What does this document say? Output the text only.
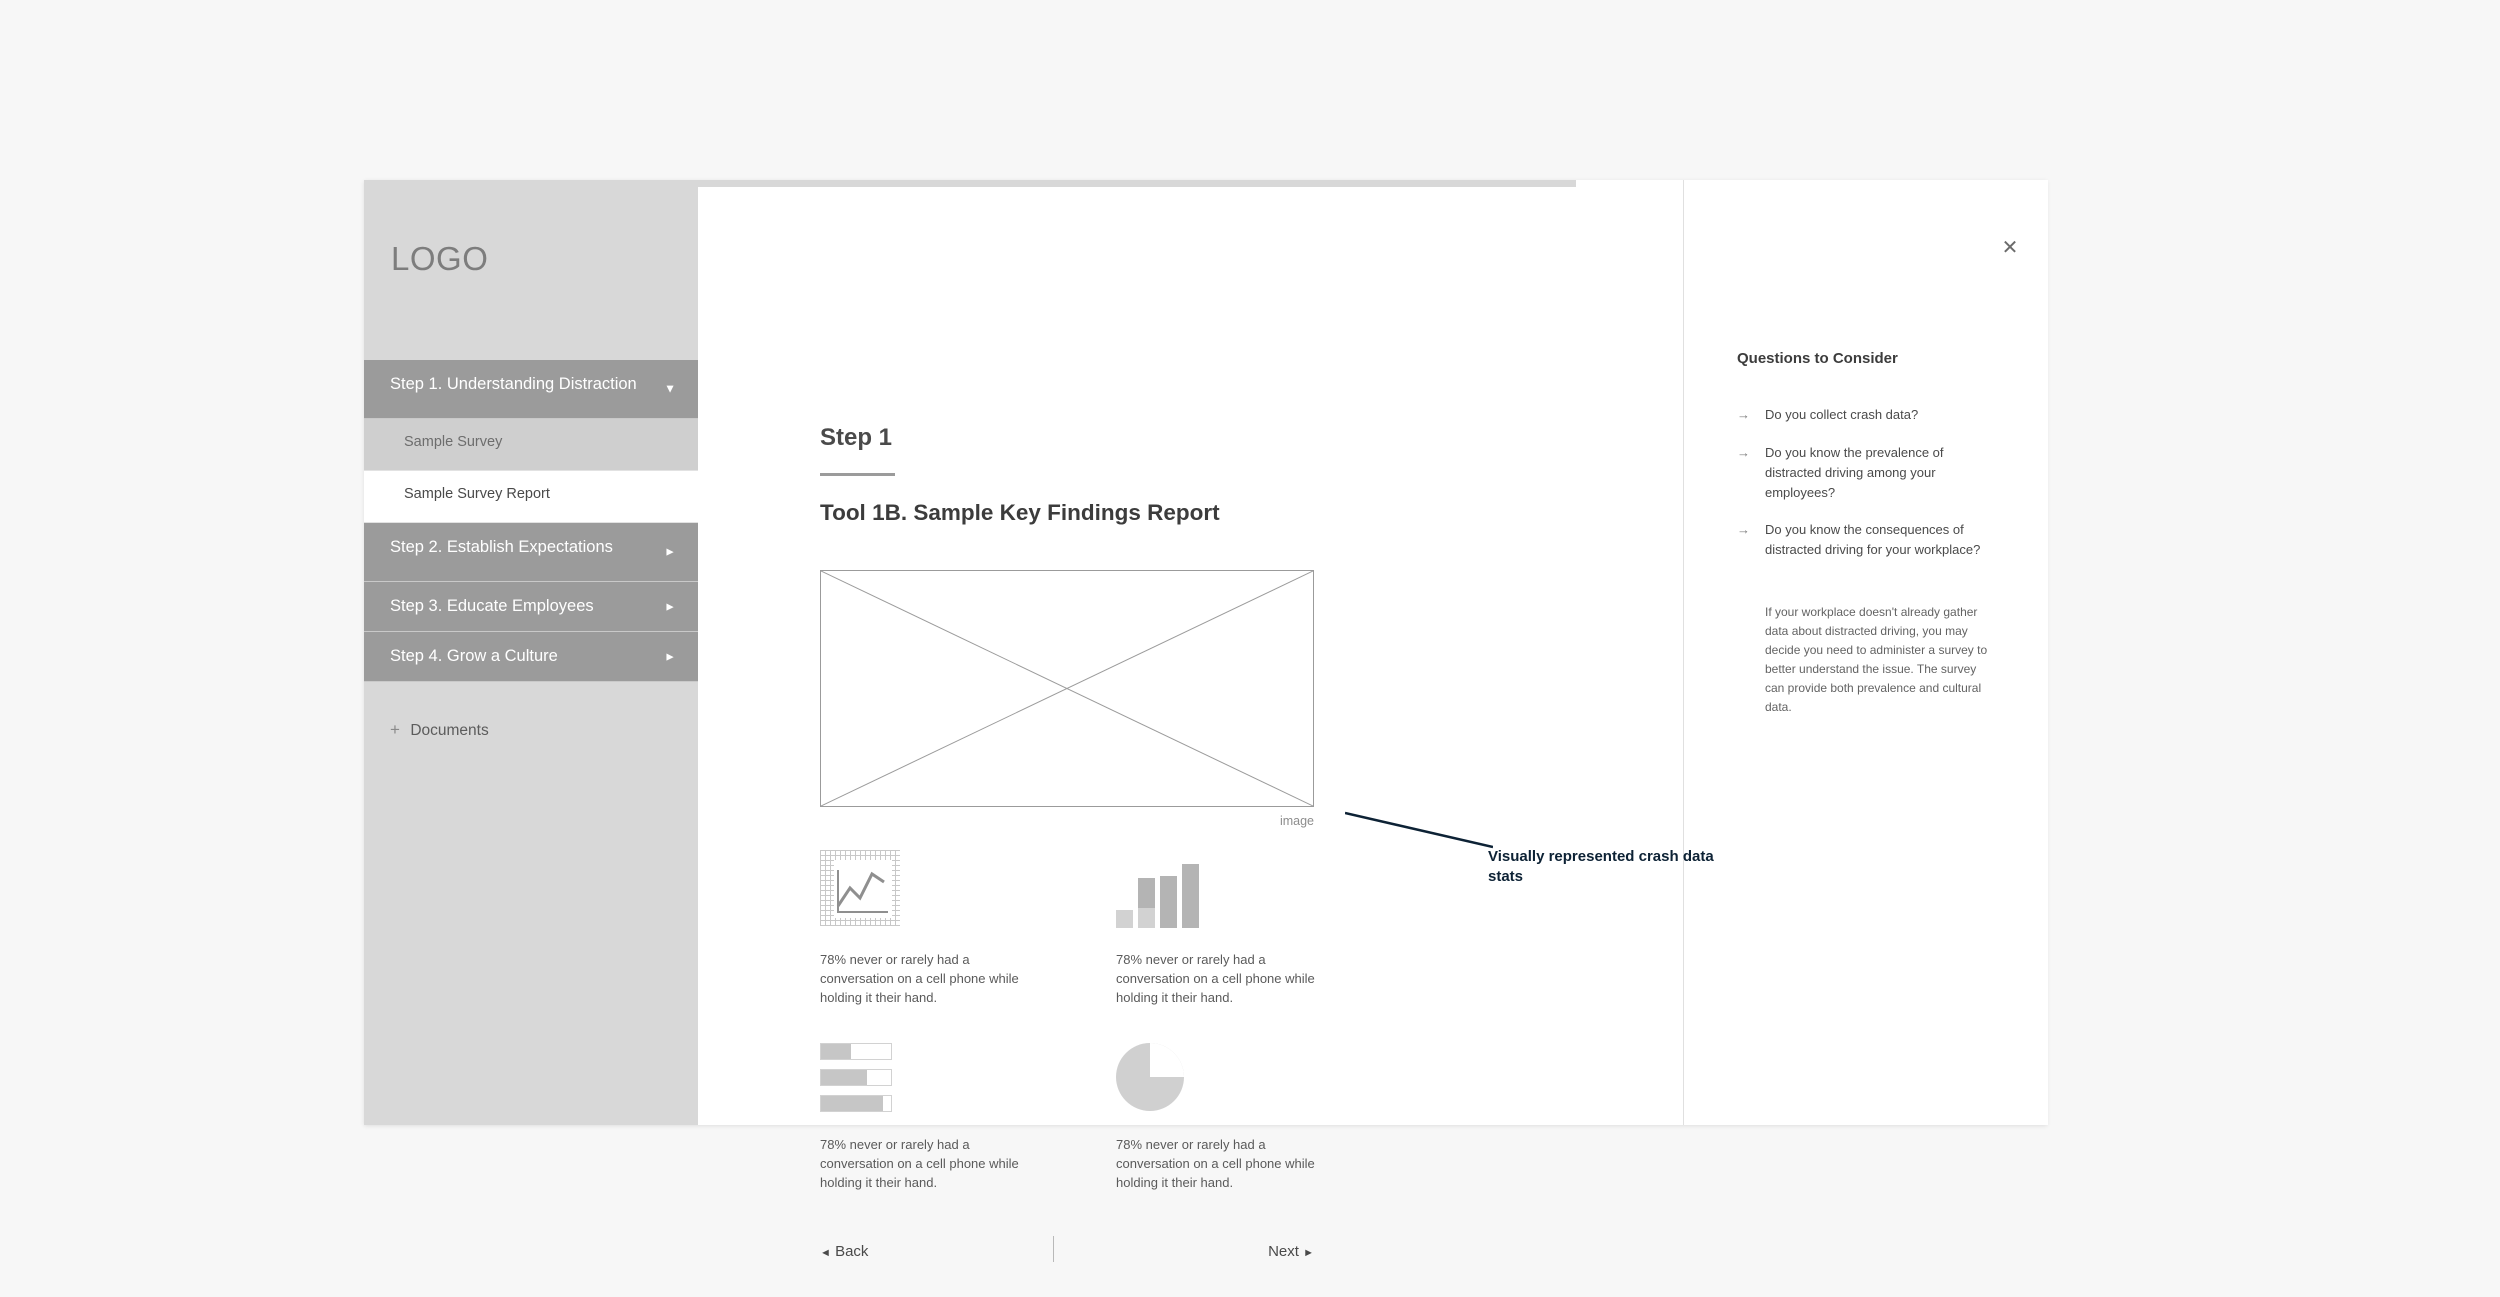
LOGO
Step 1. Understanding Distraction ▼
Sample Survey
Sample Survey Report
Step 2. Establish Expectations	►
Step 3. Educate Employees	►
Step 4. Grow a Culture	►
+ Documents
Step 1
Tool 1B. Sample Key Findings Report
image
78% never or rarely had a conversation on a cell phone while holding it their hand.
78% never or rarely had a conversation on a cell phone while holding it their hand.
78% never or rarely had a conversation on a cell phone while holding it their hand.
78% never or rarely had a conversation on a cell phone while holding it their hand.
◄ Back	Next ►
✕
Questions to Consider
→ Do you collect crash data?
→ Do you know the prevalence of distracted driving among your employees?
→ Do you know the consequences of distracted driving for your workplace?
If your workplace doesn't already gather data about distracted driving, you may decide you need to administer a survey to better understand the issue. The survey can provide both prevalence and cultural data.
Visually represented crash data stats
